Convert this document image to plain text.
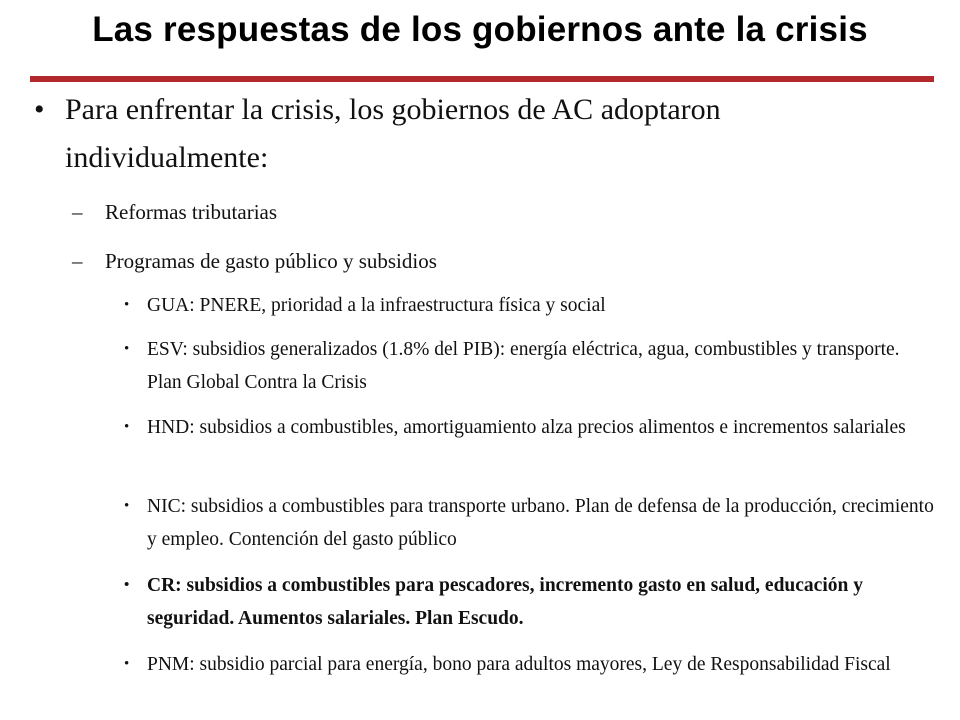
Las respuestas de los gobiernos ante la crisis
• Para enfrentar la crisis, los gobiernos de AC adoptaron individualmente:
–	Reformas tributarias
–	Programas de gasto público y subsidios
• GUA: PNERE, prioridad a la infraestructura física y social
• ESV: subsidios generalizados (1.8% del PIB): energía eléctrica, agua, combustibles y transporte. Plan Global Contra la Crisis
• HND: subsidios a combustibles, amortiguamiento alza precios alimentos e incrementos salariales
• NIC: subsidios a combustibles para transporte urbano. Plan de defensa de la producción, crecimiento y empleo. Contención del gasto público
• CR: subsidios a combustibles para pescadores, incremento gasto en salud, educación y seguridad. Aumentos salariales. Plan Escudo.
• PNM: subsidio parcial para energía, bono para adultos mayores, Ley de Responsabilidad Fiscal
